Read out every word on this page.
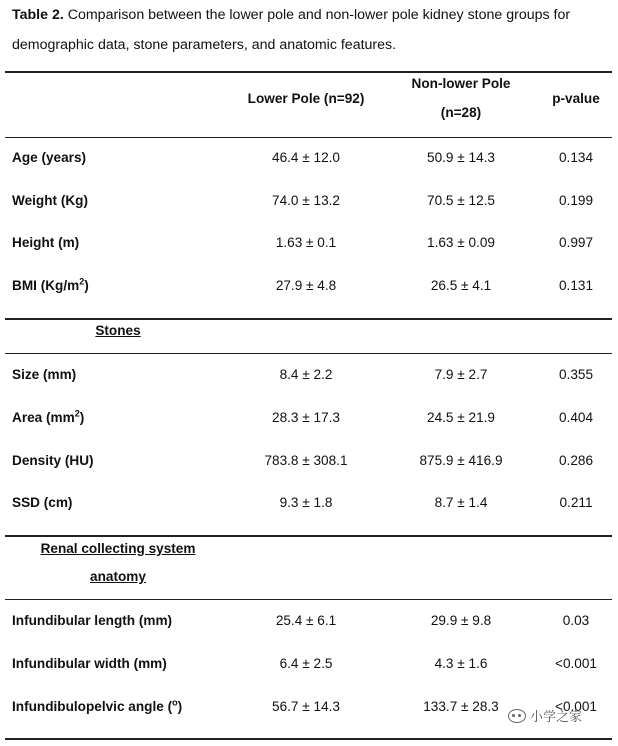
Table 2. Comparison between the lower pole and non-lower pole kidney stone groups for demographic data, stone parameters, and anatomic features.
Lower Pole (n=92)
Non-lower Pole
(n=28)
p-value
Age (years)	46.4 ± 12.0	50.9 ± 14.3	0.134
Weight (Kg)	74.0 ± 13.2	70.5 ± 12.5	0.199
Height (m)	1.63 ± 0.1	1.63 ± 0.09	0.997
BMI $(Kg/m^2)$	27.9 ± 4.8	26.5 ± 4.1	0.131
Stones
Size (mm)	8.4 ± 2.2	7.9 ± 2.7	0.355
Area $(mm^2)$	28.3 ± 17.3	24.5 ± 21.9	0.404
Density (HU)	783.8 ± 308.1	875.9 ± 416.9	0.286
SSD (cm)	9.3 ± 1.8	8.7 ± 1.4	0.211
Renal collecting system
anatomy
Infundibular length (mm)	25.4 ± 6.1	29.9 ± 9.8	0.03
Infundibular width (mm)	6.4 ± 2.5	4.3 ± 1.6	<0.001
Infundibulopelvic angle ($^o$)	56.7 ± 14.3	133.7 ± 28.3	<0.001
小学之家
